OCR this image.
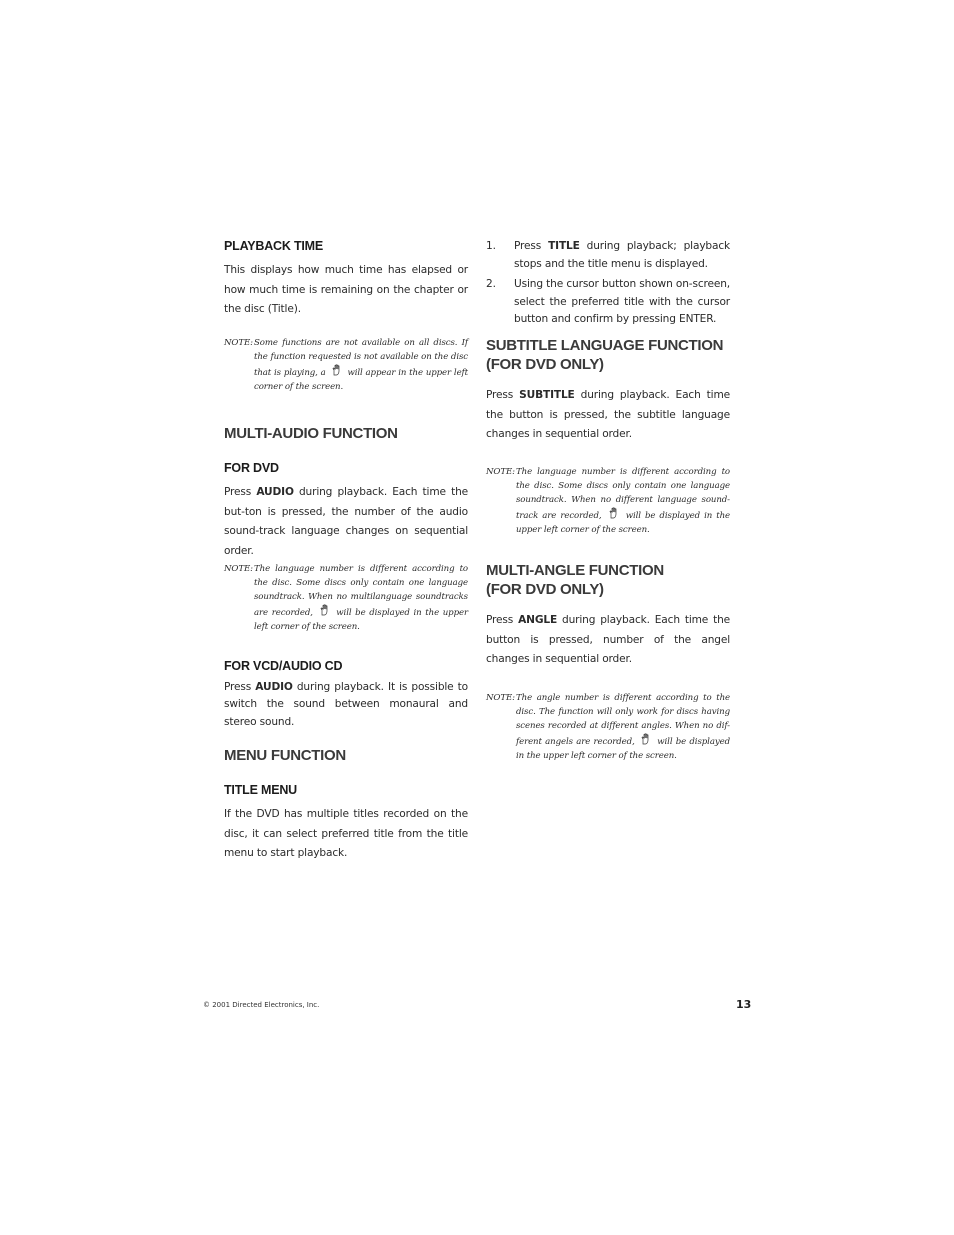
PLAYBACK TIME

This displays how much time has elapsed or how much time is remaining on the chapter or the disc (Title).

NOTE: Some functions are not available on all discs. If the function requested is not available on the disc that is playing, a	will appear in the upper left corner of the screen.
MULTI-AUDIO FUNCTION
FOR DVD

Press AUDIO during playback. Each time the but-ton is pressed, the number of the audio sound-track language changes on sequential order.

NOTE: The language number is different according to the disc. Some discs only contain one language soundtrack. When no multilanguage soundtracks are recorded,	will be displayed in the upper left corner of the screen.
FOR VCD/AUDIO CD

Press AUDIO during playback. It is possible to switch the sound between monaural and stereo sound.

MENU FUNCTION
TITLE MENU

If the DVD has multiple titles recorded on the disc, it can select preferred title from the title menu to start playback.

1.	Press TITLE during playback; playback stops and the title menu is displayed.
2.	Using the cursor button shown on-screen, select the preferred title with the cursor button and confirm by pressing ENTER.
SUBTITLE LANGUAGE FUNCTION
(FOR DVD ONLY)

Press SUBTITLE during playback. Each time the button is pressed, the subtitle language changes in sequential order.

NOTE: The language number is different according to the disc. Some discs only contain one language soundtrack. When no different language sound-track are recorded,	will be displayed in the upper left corner of the screen.
MULTI-ANGLE FUNCTION
(FOR DVD ONLY)

Press ANGLE during playback. Each time the button is pressed, number of the angel changes in sequential order.

NOTE: The angle number is different according to the disc. The function will only work for discs having scenes recorded at different angles. When no dif-ferent angels are recorded,	will be displayed in the upper left corner of the screen.
© 2001 Directed Electronics, Inc.	13
